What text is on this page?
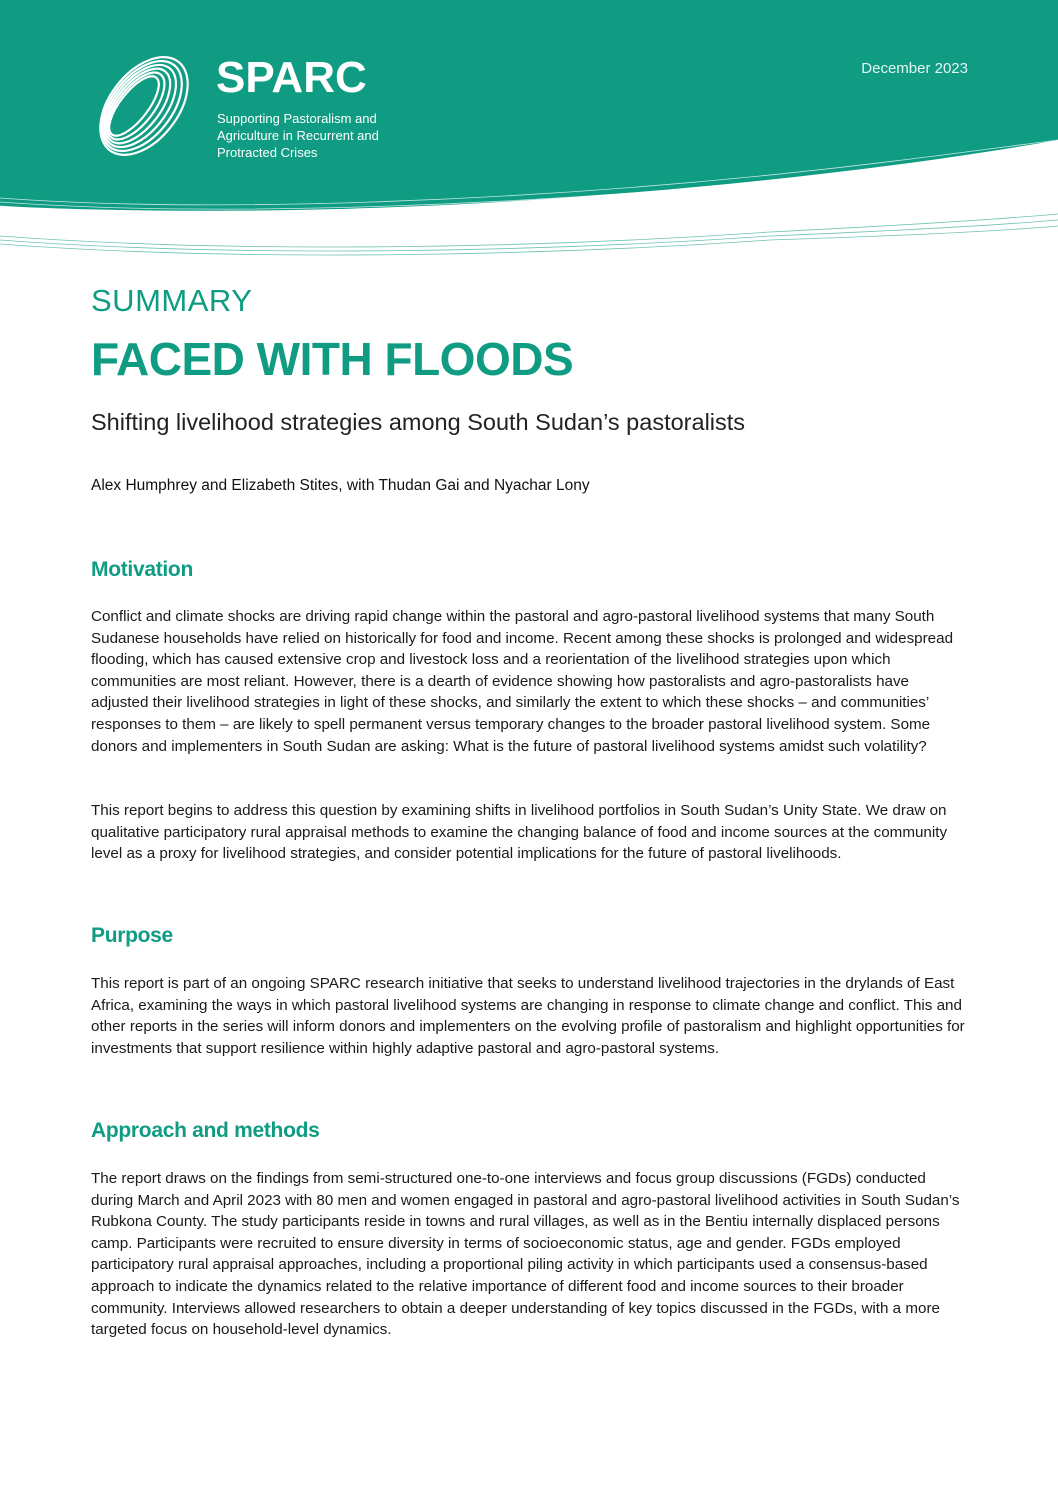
SPARC
Supporting Pastoralism and Agriculture in Recurrent and Protracted Crises
December 2023
SUMMARY
FACED WITH FLOODS
Shifting livelihood strategies among South Sudan’s pastoralists
Alex Humphrey and Elizabeth Stites, with Thudan Gai and Nyachar Lony
Motivation

Conflict and climate shocks are driving rapid change within the pastoral and agro-pastoral livelihood systems that many South Sudanese households have relied on historically for food and income. Recent among these shocks is prolonged and widespread flooding, which has caused extensive crop and livestock loss and a reorientation of the livelihood strategies upon which communities are most reliant. However, there is a dearth of evidence showing how pastoralists and agro-pastoralists have adjusted their livelihood strategies in light of these shocks, and similarly the extent to which these shocks – and communities’ responses to them – are likely to spell permanent versus temporary changes to the broader pastoral livelihood system. Some donors and implementers in South Sudan are asking: What is the future of pastoral livelihood systems amidst such volatility?

This report begins to address this question by examining shifts in livelihood portfolios in South Sudan’s Unity State. We draw on qualitative participatory rural appraisal methods to examine the changing balance of food and income sources at the community level as a proxy for livelihood strategies, and consider potential implications for the future of pastoral livelihoods.

Purpose

This report is part of an ongoing SPARC research initiative that seeks to understand livelihood trajectories in the drylands of East Africa, examining the ways in which pastoral livelihood systems are changing in response to climate change and conflict. This and other reports in the series will inform donors and implementers on the evolving profile of pastoralism and highlight opportunities for investments that support resilience within highly adaptive pastoral and agro-pastoral systems.

Approach and methods

The report draws on the findings from semi-structured one-to-one interviews and focus group discussions (FGDs) conducted during March and April 2023 with 80 men and women engaged in pastoral and agro-pastoral livelihood activities in South Sudan’s Rubkona County. The study participants reside in towns and rural villages, as well as in the Bentiu internally displaced persons camp. Participants were recruited to ensure diversity in terms of socioeconomic status, age and gender. FGDs employed participatory rural appraisal approaches, including a proportional piling activity in which participants used a consensus-based approach to indicate the dynamics related to the relative importance of different food and income sources to their broader community. Interviews allowed researchers to obtain a deeper understanding of key topics discussed in the FGDs, with a more targeted focus on household-level dynamics.
